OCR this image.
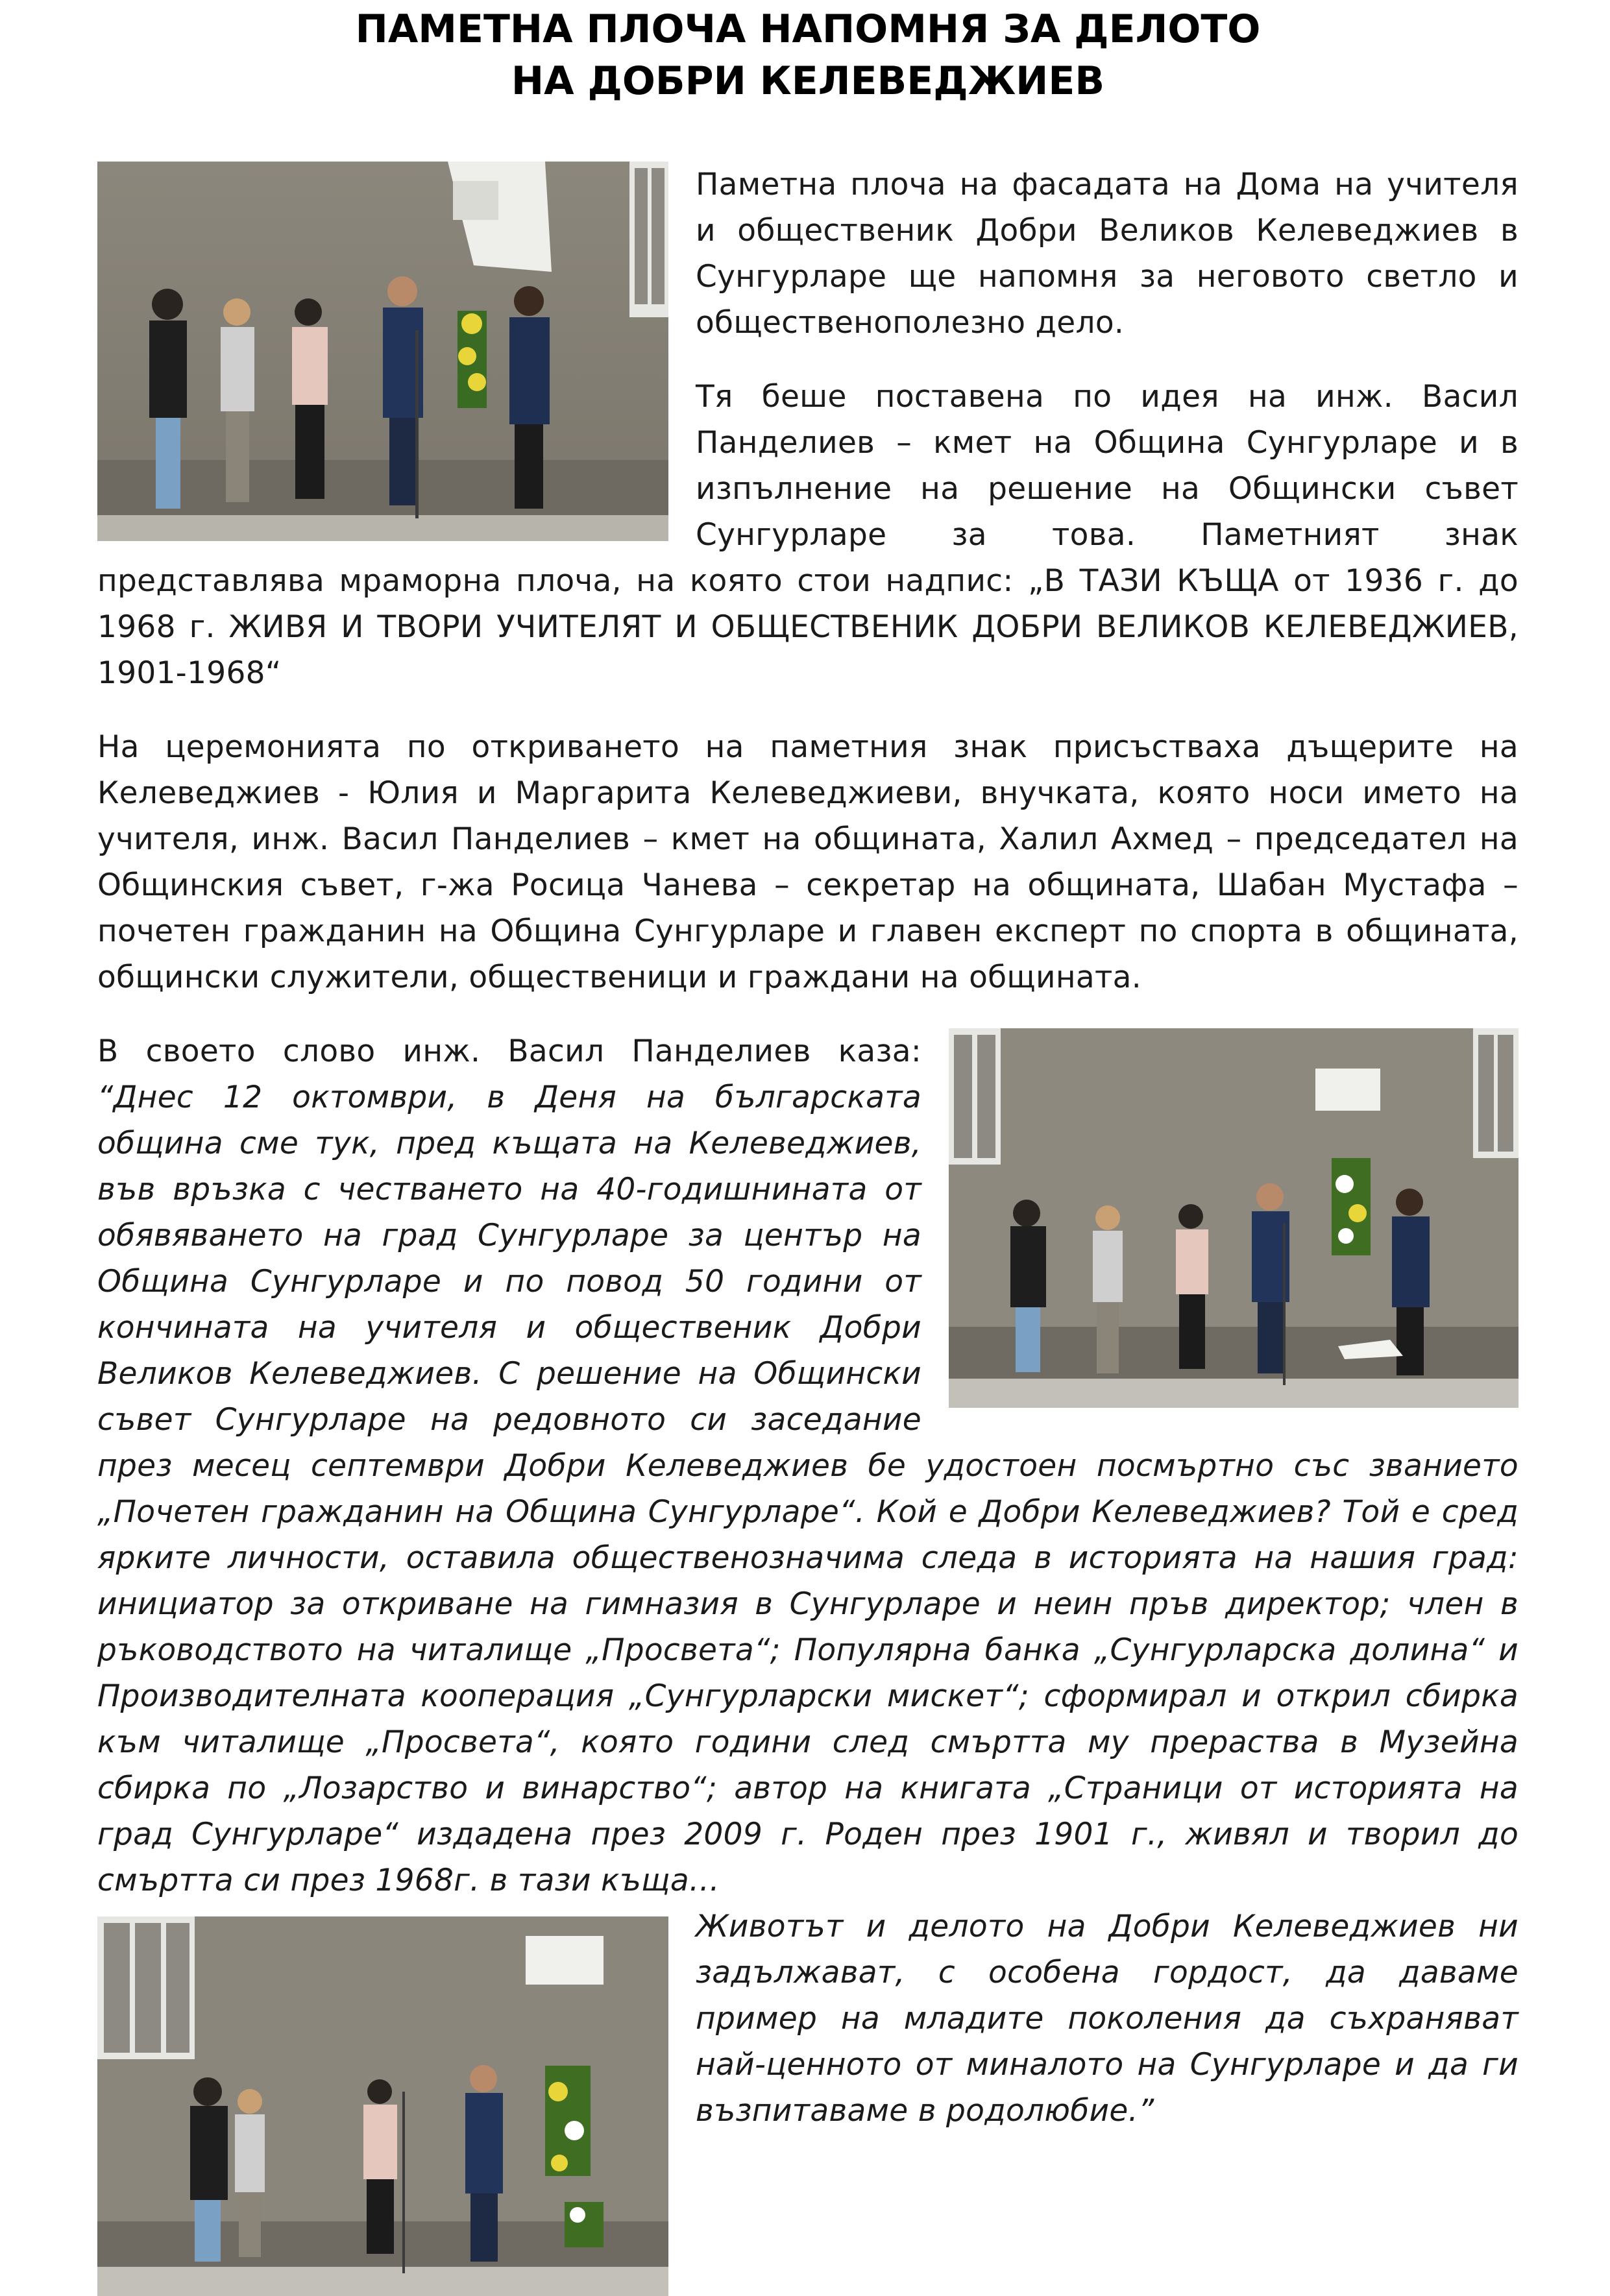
ПАМЕТНА ПЛОЧА НАПОМНЯ ЗА ДЕЛОТО
НА ДОБРИ КЕЛЕВЕДЖИЕВ

Паметна плоча на фасадата на Дома на учителя и общественик Добри Великов Келеведжиев в Сунгурларе ще напомня за неговото светло и общественополезно дело.

Тя беше поставена по идея на инж. Васил Панделиев – кмет на Община Сунгурларе и в изпълнение на решение на Общински съвет Сунгурларе за това. Паметният знак представлява мраморна плоча, на която стои надпис: „В ТАЗИ КЪЩА от 1936 г. до 1968 г. ЖИВЯ И ТВОРИ УЧИТЕЛЯТ И ОБЩЕСТВЕНИК ДОБРИ ВЕЛИКОВ КЕЛЕВЕДЖИЕВ, 1901-1968“

На церемонията по откриването на паметния знак присъстваха дъщерите на Келеведжиев - Юлия и Маргарита Келеведжиеви, внучката, която носи името на учителя, инж. Васил Панделиев – кмет на общината, Халил Ахмед – председател на Общинския съвет, г-жа Росица Чанева – секретар на общината, Шабан Мустафа – почетен гражданин на Община Сунгурларе и главен експерт по спорта в общината, общински служители, общественици и граждани на общината.

В своето слово инж. Васил Панделиев каза: “Днес 12 октомври, в Деня на българската община сме тук, пред къщата на Келеведжиев, във връзка с честването на 40-годишнината от обявяването на град Сунгурларе за център на Община Сунгурларе и по повод 50 години от кончината на учителя и общественик Добри Великов Келеведжиев. С решение на Общински съвет Сунгурларе на редовното си заседание през месец септември Добри Келеведжиев бе удостоен посмъртно със званието „Почетен гражданин на Община Сунгурларе“. Кой е Добри Келеведжиев? Той е сред ярките личности, оставила общественозначима следа в историята на нашия град: инициатор за откриване на гимназия в Сунгурларе и неин пръв директор; член в ръководството на читалище „Просвета“; Популярна банка „Сунгурларска долина“ и Производителната кооперация „Сунгурларски мискет“; сформирал и открил сбирка към читалище „Просвета“, която години след смъртта му прераства в Музейна сбирка по „Лозарство и винарство“; автор на книгата „Страници от историята на град Сунгурларе“ издадена през 2009 г. Роден през 1901 г., живял и творил до смъртта си през 1968г. в тази къща…

Животът и делото на Добри Келеведжиев ни задължават, с особена гордост, да даваме пример на младите поколения да съхраняват най-ценното от миналото на Сунгурларе и да ги възпитаваме в родолюбие.”
